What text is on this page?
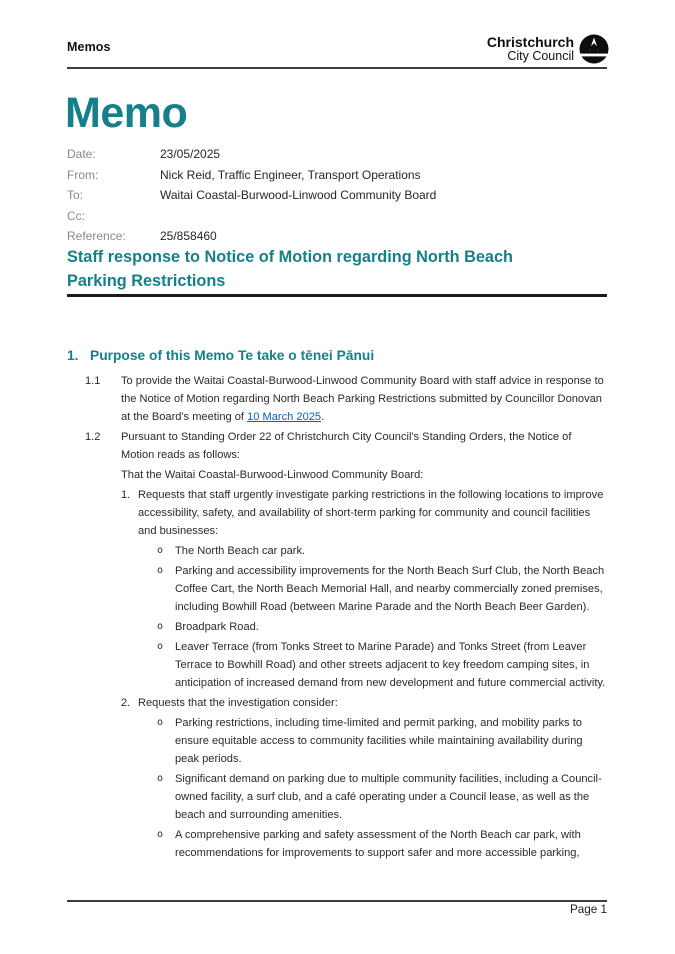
Memos	Christchurch
City Council
Memo
Date:	23/05/2025
From:	Nick Reid, Traffic Engineer, Transport Operations
To:	Waitai Coastal-Burwood-Linwood Community Board
Cc:
Reference:	25/858460
Staff response to Notice of Motion regarding North Beach Parking Restrictions
1. Purpose of this Memo Te take o tēnei Pānui
1.1	To provide the Waitai Coastal-Burwood-Linwood Community Board with staff advice in response to the Notice of Motion regarding North Beach Parking Restrictions submitted by Councillor Donovan at the Board's meeting of 10 March 2025.
1.2	Pursuant to Standing Order 22 of Christchurch City Council's Standing Orders, the Notice of Motion reads as follows:

That the Waitai Coastal-Burwood-Linwood Community Board:

1. Requests that staff urgently investigate parking restrictions in the following locations to improve accessibility, safety, and availability of short-term parking for community and council facilities and businesses:
o	The North Beach car park.
o	Parking and accessibility improvements for the North Beach Surf Club, the North Beach Coffee Cart, the North Beach Memorial Hall, and nearby commercially zoned premises, including Bowhill Road (between Marine Parade and the North Beach Beer Garden).
o	Broadpark Road.
o	Leaver Terrace (from Tonks Street to Marine Parade) and Tonks Street (from Leaver Terrace to Bowhill Road) and other streets adjacent to key freedom camping sites, in anticipation of increased demand from new development and future commercial activity.
2. Requests that the investigation consider:
o	Parking restrictions, including time-limited and permit parking, and mobility parks to ensure equitable access to community facilities while maintaining availability during peak periods.
o	Significant demand on parking due to multiple community facilities, including a Council-owned facility, a surf club, and a café operating under a Council lease, as well as the beach and surrounding amenities.
o	A comprehensive parking and safety assessment of the North Beach car park, with recommendations for improvements to support safer and more accessible parking,
Page 1
